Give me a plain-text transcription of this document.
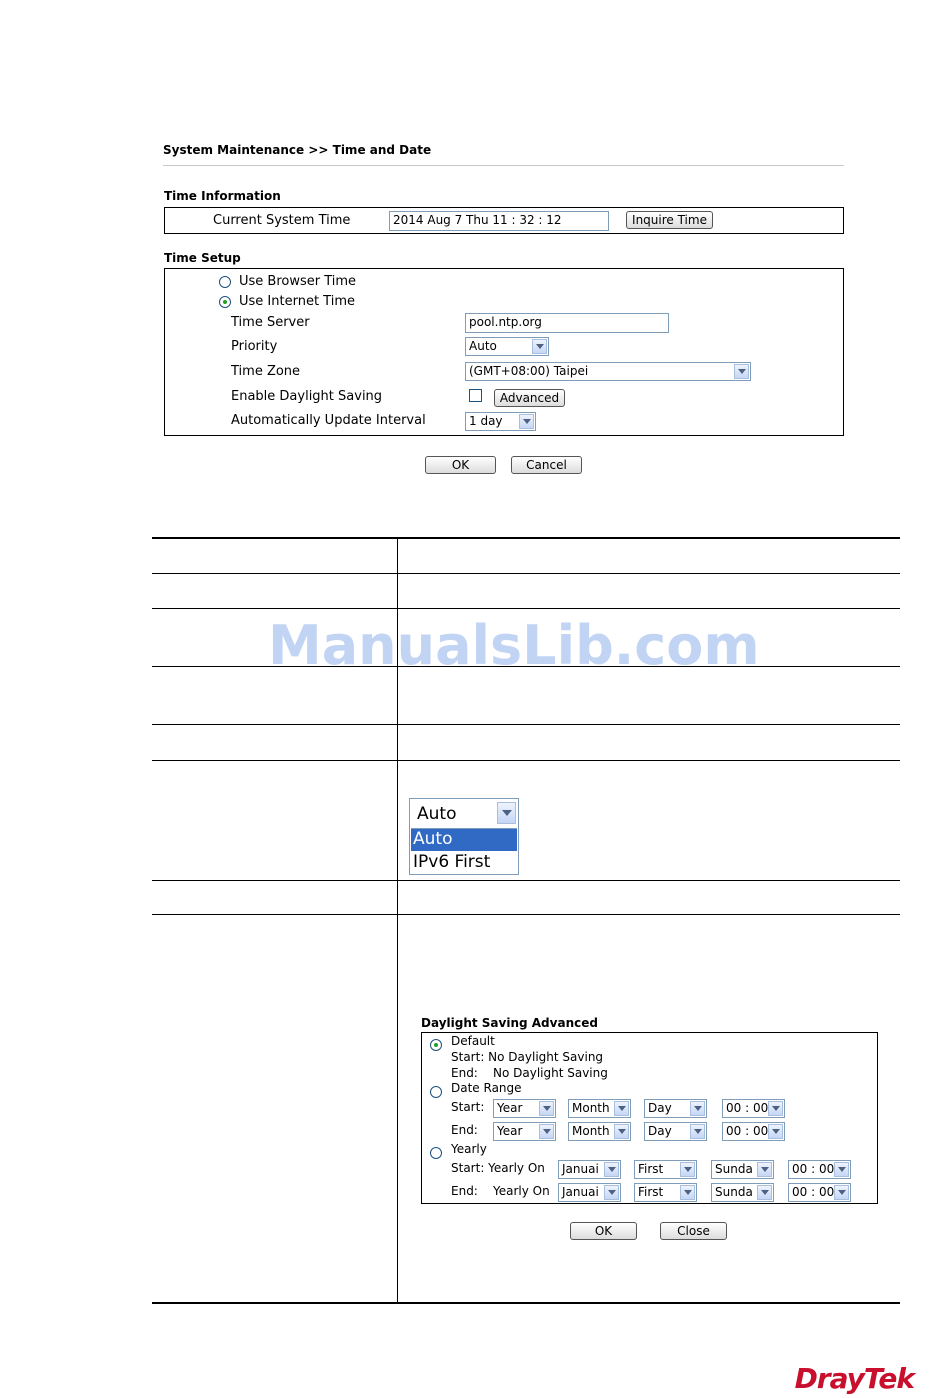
System Maintenance >> Time and Date
Time Information
Current System Time	2014 Aug 7 Thu 11 : 32 : 12	Inquire Time
Time Setup
Use Browser Time
Use Internet Time
Time Server	pool.ntp.org
Priority	Auto
Time Zone	(GMT+08:00) Taipei
Enable Daylight Saving	Advanced
Automatically Update Interval	1 day
OK	Cancel
ManualsLib.com
Auto
Auto
IPv6 First
Daylight Saving Advanced
Default
Start: No Daylight Saving
End: No Daylight Saving
Date Range
Start: Year	Month	Day	00 : 00
End: Year	Month	Day	00 : 00
Yearly
Start: Yearly On Januai	First	Sunda	00 : 00
End: Yearly On Januai	First	Sunda	00 : 00
OK	Close
DrayTek
